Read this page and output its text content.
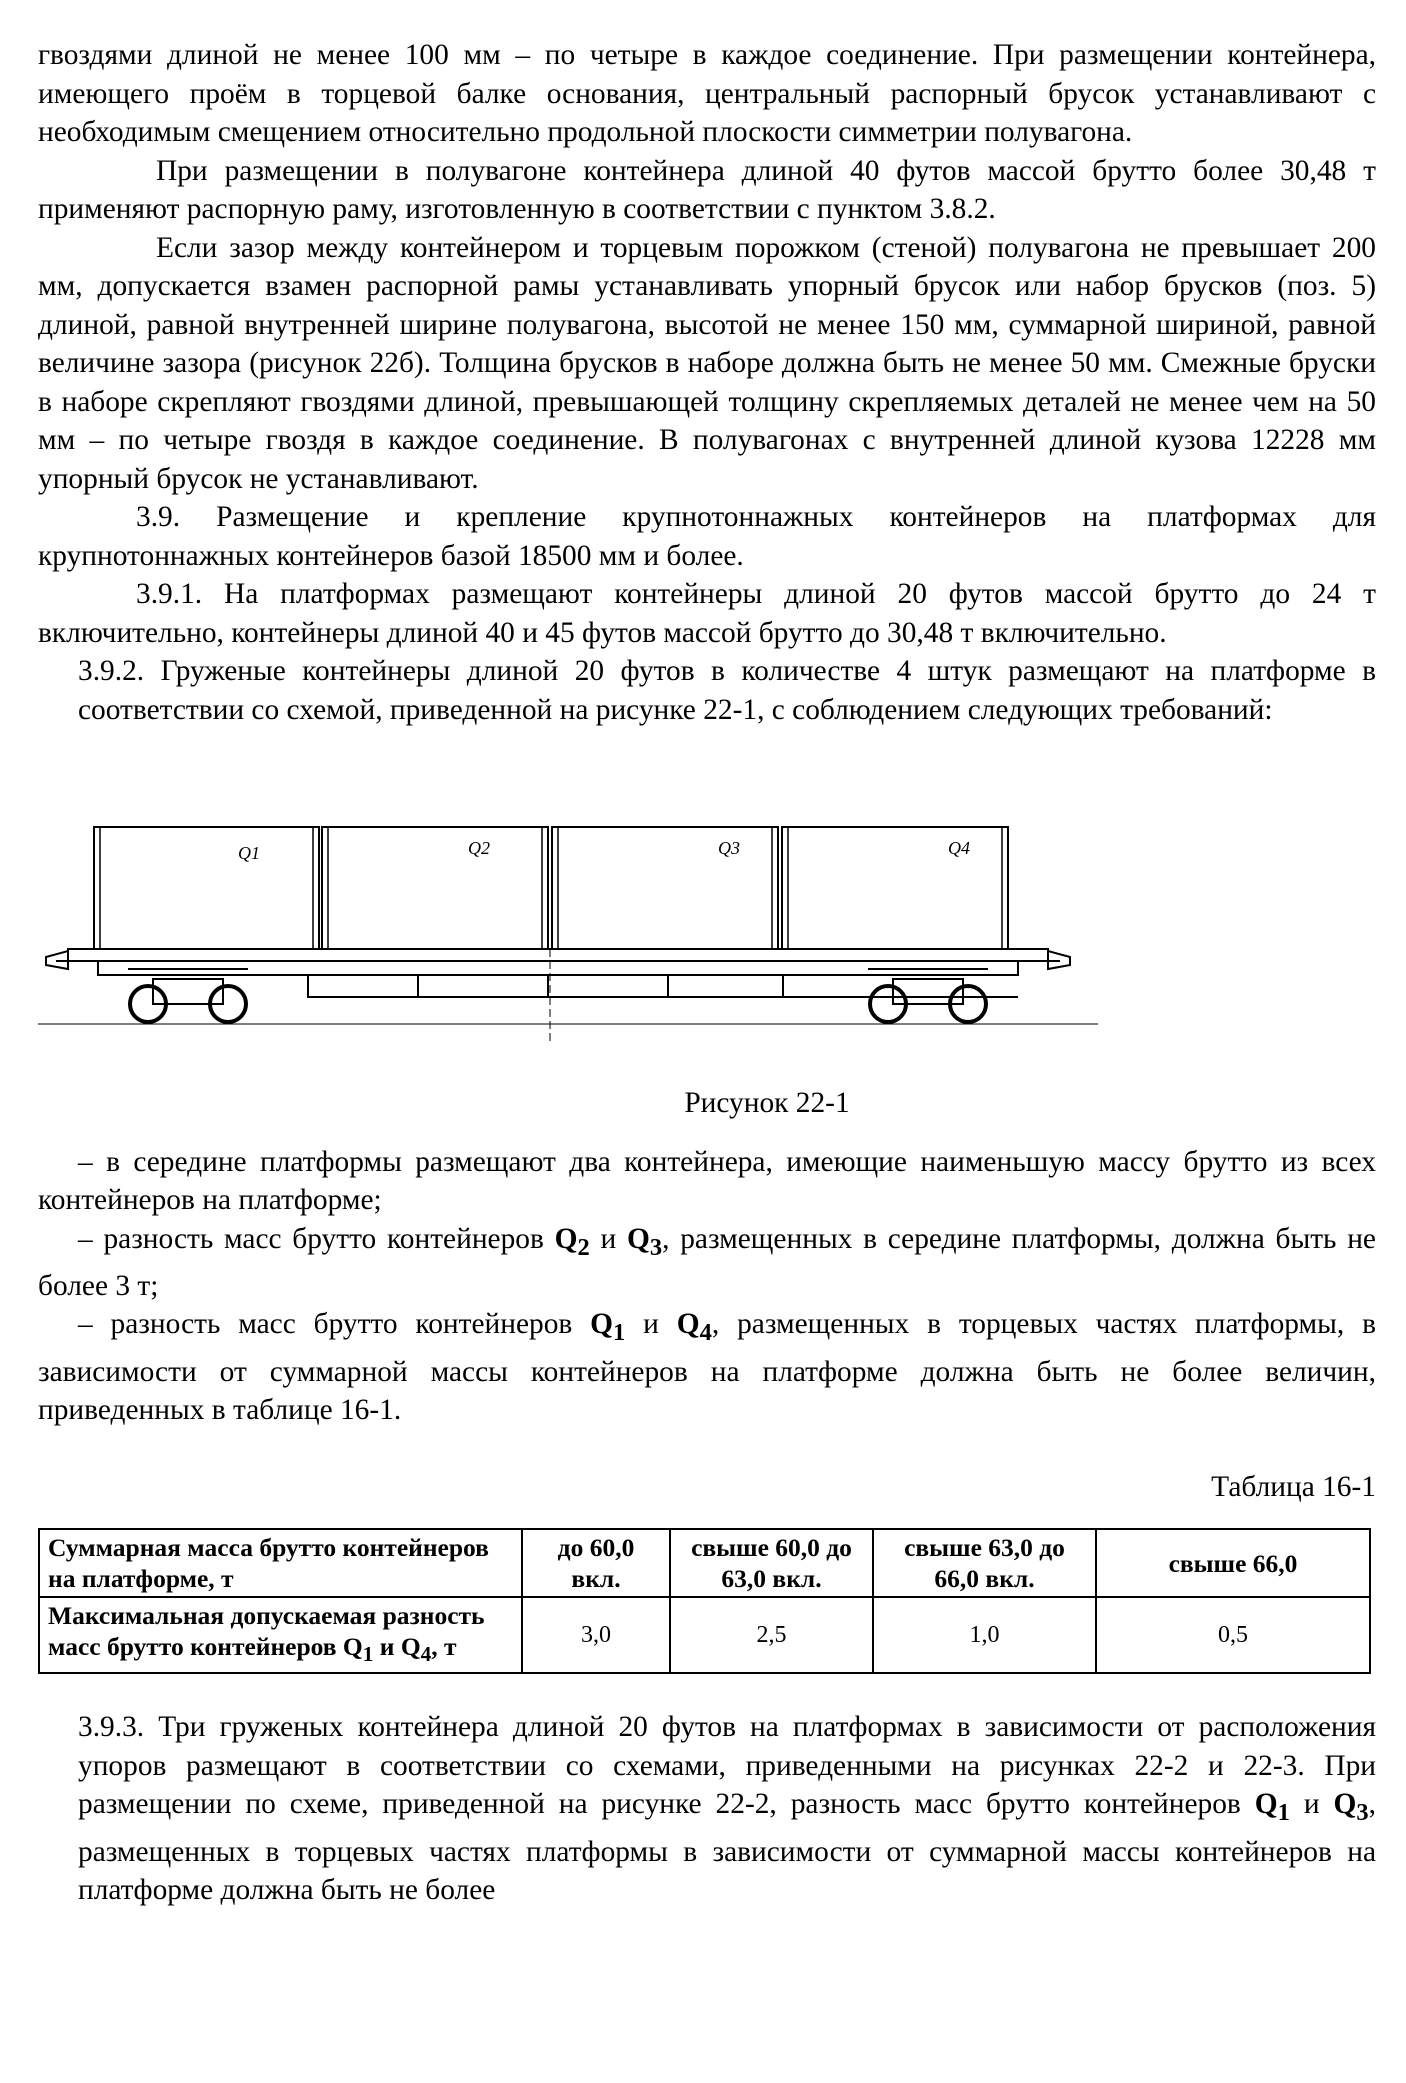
гвоздями длиной не менее 100 мм – по четыре в каждое соединение. При размещении контейнера, имеющего проём в торцевой балке основания, центральный распорный брусок устанавливают с необходимым смещением относительно продольной плоскости симметрии полувагона.

При размещении в полувагоне контейнера длиной 40 футов массой брутто более 30,48 т применяют распорную раму, изготовленную в соответствии с пунктом 3.8.2.

Если зазор между контейнером и торцевым порожком (стеной) полувагона не превышает 200 мм, допускается взамен распорной рамы устанавливать упорный брусок или набор брусков (поз. 5) длиной, равной внутренней ширине полувагона, высотой не менее 150 мм, суммарной шириной, равной величине зазора (рисунок 22б). Толщина брусков в наборе должна быть не менее 50 мм. Смежные бруски в наборе скрепляют гвоздями длиной, превышающей толщину скрепляемых деталей не менее чем на 50 мм – по четыре гвоздя в каждое соединение. В полувагонах с внутренней длиной кузова 12228 мм упорный брусок не устанавливают.

3.9. Размещение и крепление крупнотоннажных контейнеров на платформах для крупнотоннажных контейнеров базой 18500 мм и более.

3.9.1. На платформах размещают контейнеры длиной 20 футов массой брутто до 24 т включительно, контейнеры длиной 40 и 45 футов массой брутто до 30,48 т включительно.

3.9.2. Груженые контейнеры длиной 20 футов в количестве 4 штук размещают на платформе в соответствии со схемой, приведенной на рисунке 22-1, с соблюдением следующих требований:

Q1	Q2	Q3	Q4

Рисунок 22-1

– в середине платформы размещают два контейнера, имеющие наименьшую массу брутто из всех контейнеров на платформе;

– разность масс брутто контейнеров $Q_2$ и $Q_3$, размещенных в середине платформы, должна быть не более 3 т;

– разность масс брутто контейнеров $Q_1$ и $Q_4$, размещенных в торцевых частях платформы, в зависимости от суммарной массы контейнеров на платформе должна быть не более величин, приведенных в таблице 16-1.

Таблица 16-1

Суммарная масса брутто контейнеров на платформе, т	до 60,0 вкл.	свыше 60,0 до 63,0 вкл.	свыше 63,0 до 66,0 вкл.	свыше 66,0
Максимальная допускаемая разность масс брутто контейнеров $Q_1$ и $Q_4$, т	3,0	2,5	1,0	0,5

3.9.3. Три груженых контейнера длиной 20 футов на платформах в зависимости от расположения упоров размещают в соответствии со схемами, приведенными на рисунках 22-2 и 22-3. При размещении по схеме, приведенной на рисунке 22-2, разность масс брутто контейнеров $Q_1$ и $Q_3$, размещенных в торцевых частях платформы в зависимости от суммарной массы контейнеров на платформе должна быть не более
